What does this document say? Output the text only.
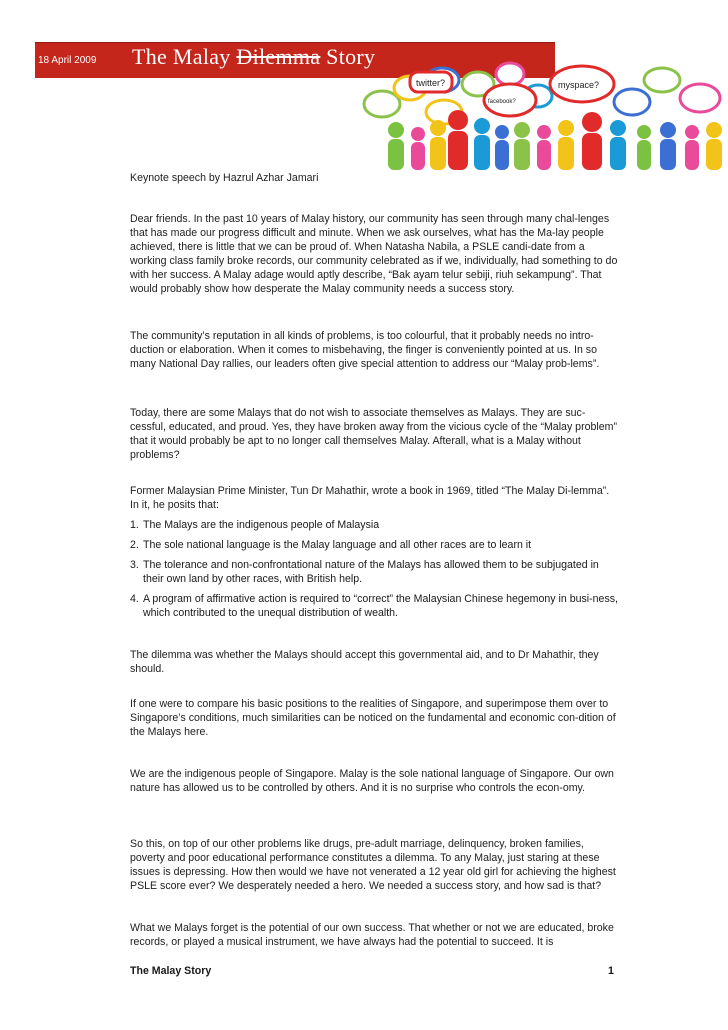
18 April 2009 The Malay Dilemma Story
twitter?
facebook?
myspace?
Keynote speech by Hazrul Azhar Jamari
Dear friends. In the past 10 years of Malay history, our community has seen through many chal-lenges that has made our progress difficult and minute. When we ask ourselves, what has the Ma-lay people achieved, there is little that we can be proud of. When Natasha Nabila, a PSLE candi-date from a working class family broke records, our community celebrated as if we, individually, had something to do with her success. A Malay adage would aptly describe, “Bak ayam telur sebiji, riuh sekampung”. That would probably show how desperate the Malay community needs a success story.
The community’s reputation in all kinds of problems, is too colourful, that it probably needs no intro-duction or elaboration. When it comes to misbehaving, the finger is conveniently pointed at us. In so many National Day rallies, our leaders often give special attention to address our “Malay prob-lems”.
Today, there are some Malays that do not wish to associate themselves as Malays. They are suc-cessful, educated, and proud. Yes, they have broken away from the vicious cycle of the “Malay problem” that it would probably be apt to no longer call themselves Malay. Afterall, what is a Malay without problems?
Former Malaysian Prime Minister, Tun Dr Mahathir, wrote a book in 1969, titled “The Malay Di-lemma”. In it, he posits that:
1. The Malays are the indigenous people of Malaysia
2. The sole national language is the Malay language and all other races are to learn it
3. The tolerance and non-confrontational nature of the Malays has allowed them to be subjugated in their own land by other races, with British help.
4. A program of affirmative action is required to “correct” the Malaysian Chinese hegemony in busi-ness, which contributed to the unequal distribution of wealth.
The dilemma was whether the Malays should accept this governmental aid, and to Dr Mahathir, they should.
If one were to compare his basic positions to the realities of Singapore, and superimpose them over to Singapore’s conditions, much similarities can be noticed on the fundamental and economic con-dition of the Malays here.
We are the indigenous people of Singapore. Malay is the sole national language of Singapore. Our own nature has allowed us to be controlled by others. And it is no surprise who controls the econ-omy.
So this, on top of our other problems like drugs, pre-adult marriage, delinquency, broken families, poverty and poor educational performance constitutes a dilemma. To any Malay, just staring at these issues is depressing. How then would we have not venerated a 12 year old girl for achieving the highest PSLE score ever? We desperately needed a hero. We needed a success story, and how sad is that?
What we Malays forget is the potential of our own success. That whether or not we are educated, broke records, or played a musical instrument, we have always had the potential to succeed. It is
The Malay Story	1
